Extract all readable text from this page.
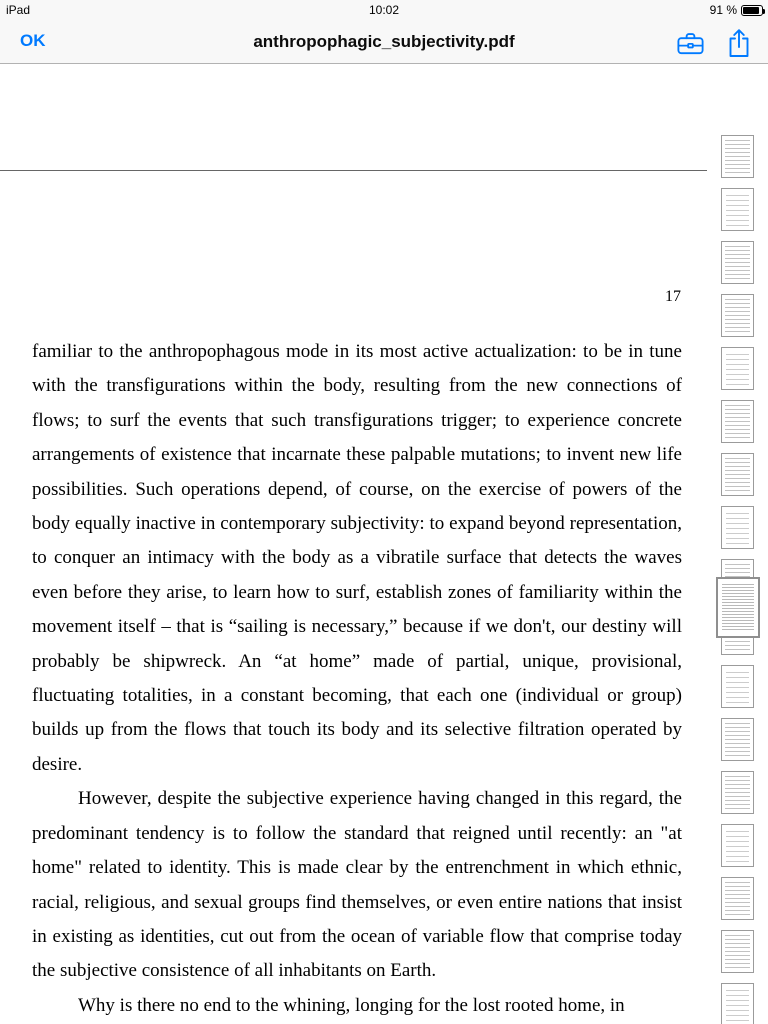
iPad	10:02	91 %
OK	anthropophagic_subjectivity.pdf
17

familiar to the anthropophagous mode in its most active actualization: to be in tune with the transfigurations within the body, resulting from the new connections of flows; to surf the events that such transfigurations trigger; to experience concrete arrangements of existence that incarnate these palpable mutations; to invent new life possibilities. Such operations depend, of course, on the exercise of powers of the body equally inactive in contemporary subjectivity: to expand beyond representation, to conquer an intimacy with the body as a vibratile surface that detects the waves even before they arise, to learn how to surf, establish zones of familiarity within the movement itself – that is “sailing is necessary,” because if we don't, our destiny will probably be shipwreck. An “at home” made of partial, unique, provisional, fluctuating totalities, in a constant becoming, that each one (individual or group) builds up from the flows that touch its body and its selective filtration operated by desire.

However, despite the subjective experience having changed in this regard, the predominant tendency is to follow the standard that reigned until recently: an "at home" related to identity. This is made clear by the entrenchment in which ethnic, racial, religious, and sexual groups find themselves, or even entire nations that insist in existing as identities, cut out from the ocean of variable flow that comprise today the subjective consistence of all inhabitants on Earth.

Why is there no end to the whining, longing for the lost rooted home, in
